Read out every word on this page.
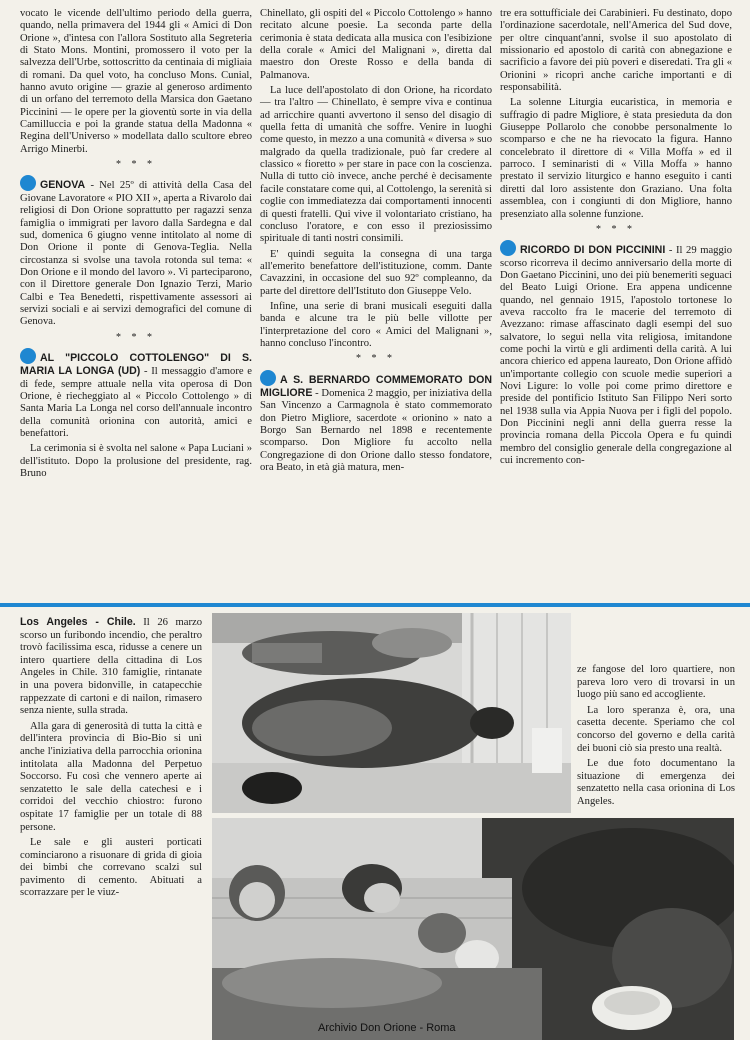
vocato le vicende dell'ultimo periodo della guerra, quando, nella primavera del 1944 gli « Amici di Don Orione », d'intesa con l'allora Sostituto alla Segreteria di Stato Mons. Montini, promossero il voto per la salvezza dell'Urbe, sottoscritto da centinaia di migliaia di romani. Da quel voto, ha concluso Mons. Cunial, hanno avuto origine — grazie al generoso ardimento di un orfano del terremoto della Marsica don Gaetano Piccinini — le opere per la gioventù sorte in via della Camilluccia e poi la grande statua della Madonna « Regina dell'Universo » modellata dallo scultore ebreo Arrigo Minerbi.

* * *

GENOVA - Nel 25º di attività della Casa del Giovane Lavoratore « PIO XII », aperta a Rivarolo dai religiosi di Don Orione soprattutto per ragazzi senza famiglia o immigrati per lavoro dalla Sardegna e dal sud, domenica 6 giugno venne intitolato al nome di Don Orione il ponte di Genova-Teglia. Nella circostanza si svolse una tavola rotonda sul tema: « Don Orione e il mondo del lavoro ». Vi parteciparono, con il Direttore generale Don Ignazio Terzi, Mario Calbi e Tea Benedetti, rispettivamente assessori ai servizi sociali e ai servizi demografici del comune di Genova.

* * *

AL "PICCOLO COTTOLENGO" DI S. MARIA LA LONGA (UD) - Il messaggio d'amore e di fede, sempre attuale nella vita operosa di Don Orione, è riecheggiato al « Piccolo Cottolengo » di Santa Maria La Longa nel corso dell'annuale incontro della comunità orionina con autorità, amici e benefattori.

La cerimonia si è svolta nel salone « Papa Luciani » dell'istituto. Dopo la prolusione del presidente, rag. Bruno

Chinellato, gli ospiti del « Piccolo Cottolengo » hanno recitato alcune poesie. La seconda parte della cerimonia è stata dedicata alla musica con l'esibizione della corale « Amici del Malignani », diretta dal maestro don Oreste Rosso e della banda di Palmanova.

La luce dell'apostolato di don Orione, ha ricordato — tra l'altro — Chinellato, è sempre viva e continua ad arricchire quanti avvertono il senso del disagio di quella fetta di umanità che soffre. Venire in luoghi come questo, in mezzo a una comunità « diversa » suo malgrado da quella tradizionale, può far credere al classico « fioretto » per stare in pace con la coscienza. Nulla di tutto ciò invece, anche perché è decisamente facile constatare come qui, al Cottolengo, la serenità si coglie con immediatezza dai comportamenti innocenti di questi fratelli. Qui vive il volontariato cristiano, ha concluso l'oratore, e con esso il preziosissimo spirituale di tanti nostri consimili.

E' quindi seguita la consegna di una targa all'emerito benefattore dell'istituzione, comm. Dante Cavazzini, in occasione del suo 92º compleanno, da parte del direttore dell'Istituto don Giuseppe Velo.

Infine, una serie di brani musicali eseguiti dalla banda e alcune tra le più belle villotte per l'interpretazione del coro « Amici del Malignani », hanno concluso l'incontro.

* * *

A S. BERNARDO COMMEMORATO DON MIGLIORE - Domenica 2 maggio, per iniziativa della San Vincenzo a Carmagnola è stato commemorato don Pietro Migliore, sacerdote « orionino » nato a Borgo San Bernardo nel 1898 e recentemente scomparso. Don Migliore fu accolto nella Congregazione di don Orione dallo stesso fondatore, ora Beato, in età già matura, men-

tre era sottufficiale dei Carabinieri. Fu destinato, dopo l'ordinazione sacerdotale, nell'America del Sud dove, per oltre cinquant'anni, svolse il suo apostolato di missionario ed apostolo di carità con abnegazione e sacrificio a favore dei più poveri e diseredati. Tra gli « Orionini » ricoprì anche cariche importanti e di responsabilità.

La solenne Liturgia eucaristica, in memoria e suffragio di padre Migliore, è stata presieduta da don Giuseppe Pollarolo che conobbe personalmente lo scomparso e che ne ha rievocato la figura. Hanno concelebrato il direttore di « Villa Moffa » ed il parroco. I seminaristi di « Villa Moffa » hanno prestato il servizio liturgico e hanno eseguito i canti diretti dal loro assistente don Graziano. Una folta assemblea, con i congiunti di don Migliore, hanno presenziato alla solenne funzione.

* * *

RICORDO DI DON PICCININI - Il 29 maggio scorso ricorreva il decimo anniversario della morte di Don Gaetano Piccinini, uno dei più benemeriti seguaci del Beato Luigi Orione. Era appena undicenne quando, nel gennaio 1915, l'apostolo tortonese lo aveva raccolto fra le macerie del terremoto di Avezzano: rimase affascinato dagli esempi del suo salvatore, lo seguì nella vita religiosa, imitandone come pochi la virtù e gli ardimenti della carità. A lui ancora chierico ed appena laureato, Don Orione affidò un'importante collegio con scuole medie superiori a Novi Ligure: lo volle poi come primo direttore e preside del pontificio Istituto San Filippo Neri sorto nel 1938 sulla via Appia Nuova per i figli del popolo. Don Piccinini negli anni della guerra resse la provincia romana della Piccola Opera e fu quindi membro del consiglio generale della congregazione al cui incremento con-

Los Angeles - Chile. Il 26 marzo scorso un furibondo incendio, che peraltro trovò facilissima esca, ridusse a cenere un intero quartiere della cittadina di Los Angeles in Chile. 310 famiglie, rintanate in una povera bidonville, in catapecchie rappezzate di cartoni e di nailon, rimasero senza niente, sulla strada.

Alla gara di generosità di tutta la città e dell'intera provincia di Bio-Bio si unì anche l'iniziativa della parrocchia orionina intitolata alla Madonna del Perpetuo Soccorso. Fu così che vennero aperte ai senzatetto le sale della catechesi e i corridoi del vecchio chiostro: furono ospitate 17 famiglie per un totale di 88 persone.

Le sale e gli austeri porticati cominciarono a risuonare di grida di gioia dei bimbi che correvano scalzi sul pavimento di cemento. Abituati a scorrazzare per le viuz-

ze fangose del loro quartiere, non pareva loro vero di trovarsi in un luogo più sano ed accogliente.

La loro speranza è, ora, una casetta decente. Speriamo che col concorso del governo e della carità dei buoni ciò sia presto una realtà.

Le due foto documentano la situazione di emergenza dei senzatetto nella casa orionina di Los Angeles.

Archivio Don Orione - Roma
